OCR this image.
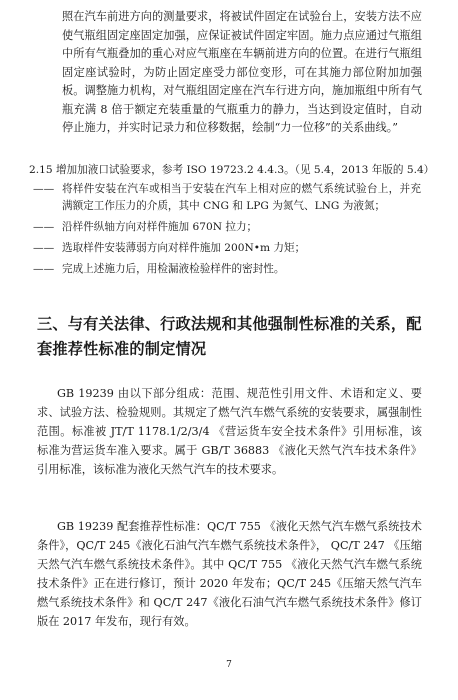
照在汽车前进方向的测量要求，将被试件固定在试验台上，安装方法不应使气瓶组固定座固定加强，应保证被试件固定牢固。施力点应通过气瓶组中所有气瓶叠加的重心对应气瓶座在车辆前进方向的位置。在进行气瓶组固定座试验时，为防止固定座受力部位变形，可在其施力部位附加加强板。调整施力机构，对气瓶组固定座在汽车行进方向，施加瓶组中所有气瓶充满 8 倍于额定充装重量的气瓶重力的静力，当达到设定值时，自动停止施力，并实时记录力和位移数据，绘制“力一位移”的关系曲线。”
2.15 增加加液口试验要求，参考 ISO 19723.2 4.4.3。（见 5.4，2013 年版的 5.4）
—— 将样件安装在汽车或相当于安装在汽车上相对应的燃气系统试验台上，并充满额定工作压力的介质，其中 CNG 和 LPG 为氮气、LNG 为液氮；
—— 沿样件纵轴方向对样件施加 670N 拉力；
—— 选取样件安装薄弱方向对样件施加 200N•m 力矩；
—— 完成上述施力后，用检漏液检验样件的密封性。
三、与有关法律、行政法规和其他强制性标准的关系，配套推荐性标准的制定情况
GB 19239 由以下部分组成：范围、规范性引用文件、术语和定义、要求、试验方法、检验规则。其规定了燃气汽车燃气系统的安装要求，属强制性范围。标准被 JT/T 1178.1/2/3/4 《营运货车安全技术条件》引用标准，该标准为营运货车准入要求。属于 GB/T 36883 《液化天然气汽车技术条件》引用标准，该标准为液化天然气汽车的技术要求。
GB 19239 配套推荐性标准：QC/T 755 《液化天然气汽车燃气系统技术条件》，QC/T 245《液化石油气汽车燃气系统技术条件》， QC/T 247 《压缩天然气汽车燃气系统技术条件》。其中 QC/T 755 《液化天然气汽车燃气系统技术条件》正在进行修订，预计 2020 年发布；QC/T 245《压缩天然气汽车燃气系统技术条件》和 QC/T 247《液化石油气汽车燃气系统技术条件》修订版在 2017 年发布，现行有效。
7
